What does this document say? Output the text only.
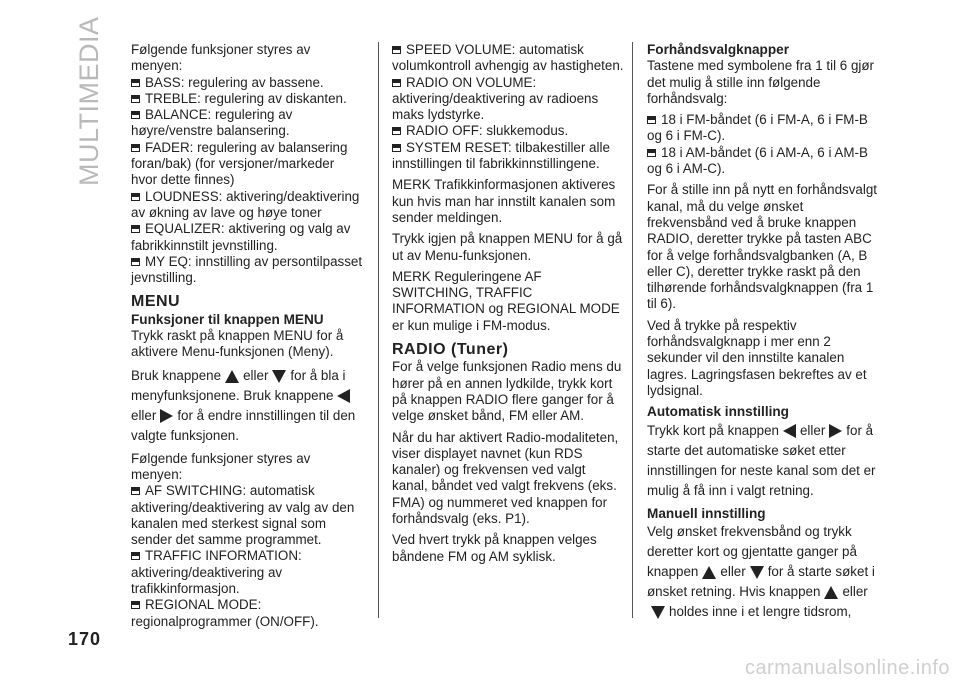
MULTIMEDIA Følgende funksjoner styres av menyen:

BASS: regulering av bassene.

TREBLE: regulering av diskanten.

BALANCE: regulering av høyre/venstre balansering.

FADER: regulering av balansering foran/bak) (for versjoner/markeder hvor dette finnes)

LOUDNESS: aktivering/deaktivering av økning av lave og høye toner

EQUALIZER: aktivering og valg av fabrikkinnstilt jevnstilling.

MY EQ: innstilling av persontilpasset jevnstilling.

MENU

Funksjoner til knappen MENU

Trykk raskt på knappen MENU for å aktivere Menu-funksjonen (Meny).

Bruk knappene eller for å bla i menyfunksjonene. Bruk knappene eller for å endre innstillingen til den valgte funksjonen.

Følgende funksjoner styres av menyen:

AF SWITCHING: automatisk aktivering/deaktivering av valg av den kanalen med sterkest signal som sender det samme programmet.

TRAFFIC INFORMATION: aktivering/deaktivering av trafikkinformasjon.

REGIONAL MODE: regionalprogrammer (ON/OFF).

SPEED VOLUME: automatisk volumkontroll avhengig av hastigheten.

RADIO ON VOLUME: aktivering/deaktivering av radioens maks lydstyrke.

RADIO OFF: slukkemodus.

SYSTEM RESET: tilbakestiller alle innstillingen til fabrikkinnstillingene.

MERK Trafikkinformasjonen aktiveres kun hvis man har innstilt kanalen som sender meldingen.

Trykk igjen på knappen MENU for å gå ut av Menu-funksjonen.

MERK Reguleringene AF SWITCHING, TRAFFIC INFORMATION og REGIONAL MODE er kun mulige i FM-modus.

RADIO (Tuner)

For å velge funksjonen Radio mens du hører på en annen lydkilde, trykk kort på knappen RADIO flere ganger for å velge ønsket bånd, FM eller AM.

Når du har aktivert Radio-modaliteten, viser displayet navnet (kun RDS kanaler) og frekvensen ved valgt kanal, båndet ved valgt frekvens (eks. FMA) og nummeret ved knappen for forhåndsvalg (eks. P1).

Ved hvert trykk på knappen velges båndene FM og AM syklisk.

Forhåndsvalgknapper

Tastene med symbolene fra 1 til 6 gjør det mulig å stille inn følgende forhåndsvalg:

18 i FM-båndet (6 i FM-A, 6 i FM-B og 6 i FM-C).

18 i AM-båndet (6 i AM-A, 6 i AM-B og 6 i AM-C).

For å stille inn på nytt en forhåndsvalgt kanal, må du velge ønsket frekvensbånd ved å bruke knappen RADIO, deretter trykke på tasten ABC for å velge forhåndsvalgbanken (A, B eller C), deretter trykke raskt på den tilhørende forhåndsvalgknappen (fra 1 til 6).

Ved å trykke på respektiv forhåndsvalgknapp i mer enn 2 sekunder vil den innstilte kanalen lagres. Lagringsfasen bekreftes av et lydsignal.

Automatisk innstilling

Trykk kort på knappen eller for å starte det automatiske søket etter innstillingen for neste kanal som det er mulig å få inn i valgt retning.

Manuell innstilling

Velg ønsket frekvensbånd og trykk deretter kort og gjentatte ganger på knappen eller for å starte søket i ønsket retning. Hvis knappen eller holdes inne i et lengre tidsrom,

170
carmanualsonline.info
